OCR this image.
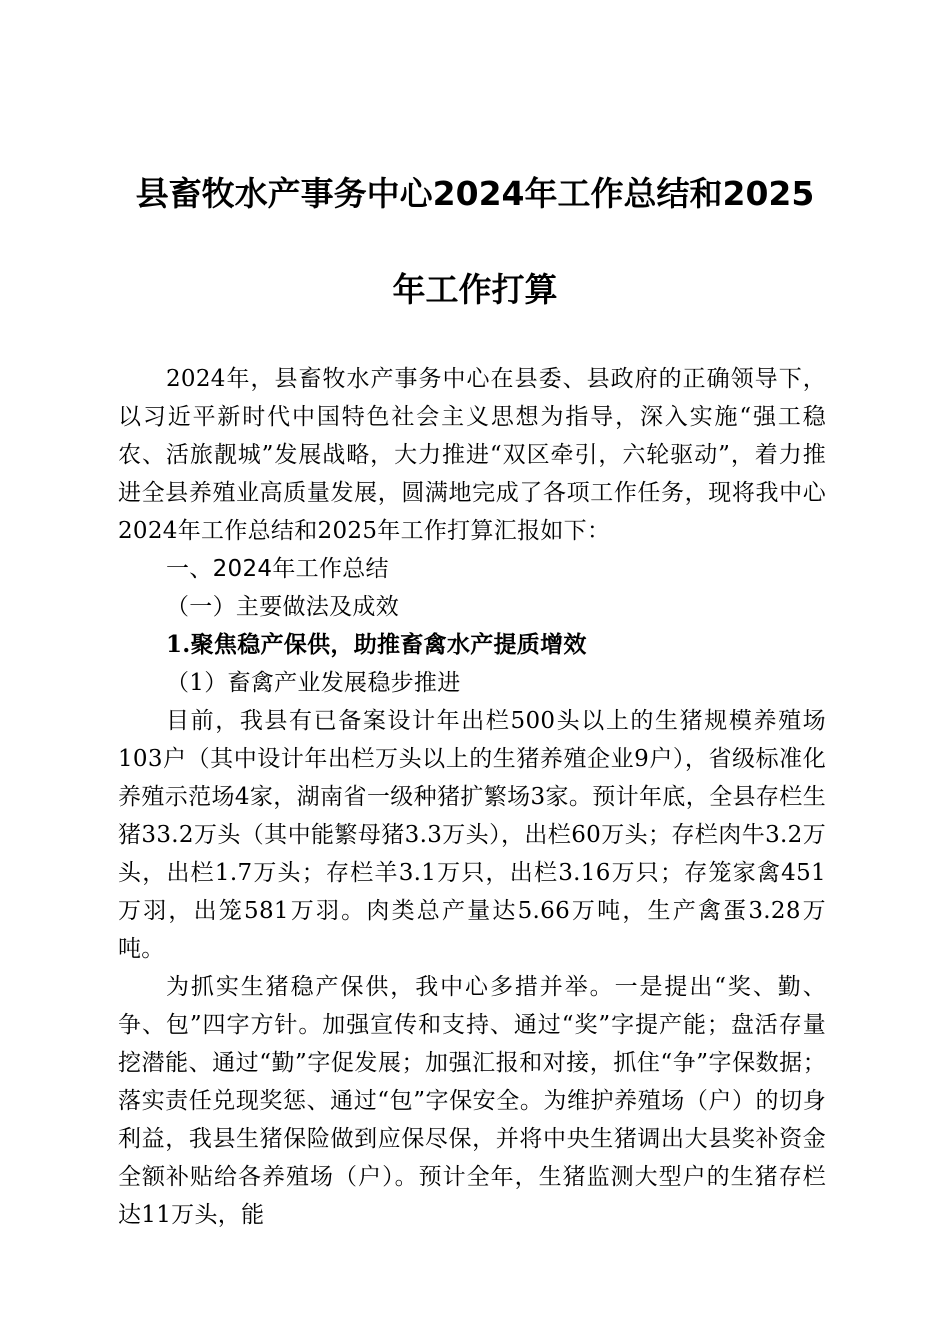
县畜牧水产事务中心2024年工作总结和2025
年工作打算

2024年，县畜牧水产事务中心在县委、县政府的正确领导下，以习近平新时代中国特色社会主义思想为指导，深入实施“强工稳农、活旅靓城”发展战略，大力推进“双区牵引，六轮驱动”，着力推进全县养殖业高质量发展，圆满地完成了各项工作任务，现将我中心2024年工作总结和2025年工作打算汇报如下：

一、2024年工作总结

（一）主要做法及成效

1.聚焦稳产保供，助推畜禽水产提质增效

（1）畜禽产业发展稳步推进

目前，我县有已备案设计年出栏500头以上的生猪规模养殖场103户（其中设计年出栏万头以上的生猪养殖企业9户），省级标准化养殖示范场4家，湖南省一级种猪扩繁场3家。预计年底，全县存栏生猪33.2万头（其中能繁母猪3.3万头），出栏60万头；存栏肉牛3.2万头，出栏1.7万头；存栏羊3.1万只，出栏3.16万只；存笼家禽451万羽，出笼581万羽。肉类总产量达5.66万吨，生产禽蛋3.28万吨。

为抓实生猪稳产保供，我中心多措并举。一是提出“奖、勤、争、包”四字方针。加强宣传和支持、通过“奖”字提产能；盘活存量挖潜能、通过“勤”字促发展；加强汇报和对接，抓住“争”字保数据；落实责任兑现奖惩、通过“包”字保安全。为维护养殖场（户）的切身利益，我县生猪保险做到应保尽保，并将中央生猪调出大县奖补资金全额补贴给各养殖场（户）。预计全年，生猪监测大型户的生猪存栏达11万头，能
